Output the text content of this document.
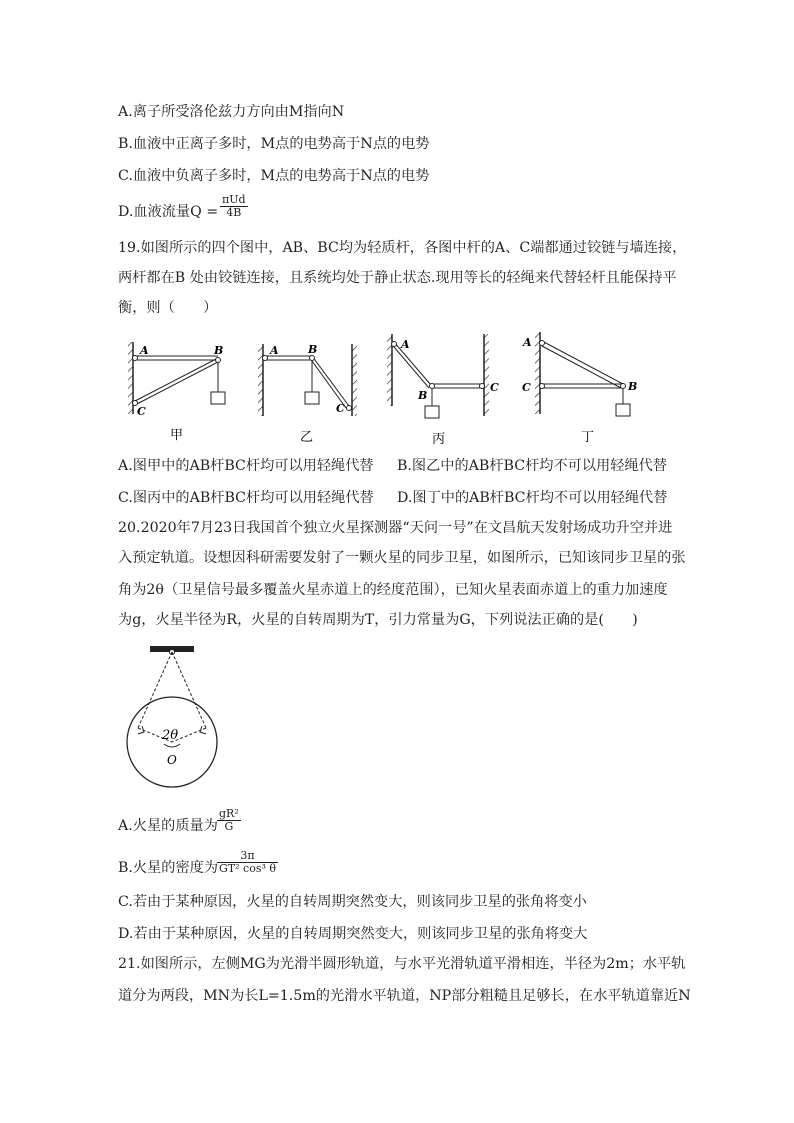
A.离子所受洛伦兹力方向由M指向N
B.血液中正离子多时，M点的电势高于N点的电势
C.血液中负离子多时，M点的电势高于N点的电势
D.血液流量Q =
πUd
4B
19.如图所示的四个图中，AB、BC均为轻质杆，各图中杆的A、C端都通过铰链与墙连接，
两杆都在B 处由铰链连接，且系统均处于静止状态.现用等长的轻绳来代替轻杆且能保持平
衡，则（　　）
A	B
C
甲
A	B
C
乙
A
B
C
丙
A
B
C
丁
A.图甲中的AB杆BC杆均可以用轻绳代替 B.图乙中的AB杆BC杆均不可以用轻绳代替
C.图丙中的AB杆BC杆均可以用轻绳代替 D.图丁中的AB杆BC杆均不可以用轻绳代替
20.2020年7月23日我国首个独立火星探测器“天问一号”在文昌航天发射场成功升空并进
入预定轨道。设想因科研需要发射了一颗火星的同步卫星，如图所示，已知该同步卫星的张
角为2θ（卫星信号最多覆盖火星赤道上的经度范围），已知火星表面赤道上的重力加速度
为g，火星半径为R，火星的自转周期为T，引力常量为G，下列说法正确的是(　　)
2θ
O
A.火星的质量为 $\frac{\text{gR²}}{G}$
B.火星的密度为
$\frac{3\pi}{\text{GT² cos³ θ}}$
C.若由于某种原因，火星的自转周期突然变大，则该同步卫星的张角将变小
D.若由于某种原因，火星的自转周期突然变大，则该同步卫星的张角将变大
21.如图所示，左侧MG为光滑半圆形轨道，与水平光滑轨道平滑相连，半径为2m；水平轨
道分为两段，MN为长L=1.5m的光滑水平轨道，NP部分粗糙且足够长，在水平轨道靠近N
